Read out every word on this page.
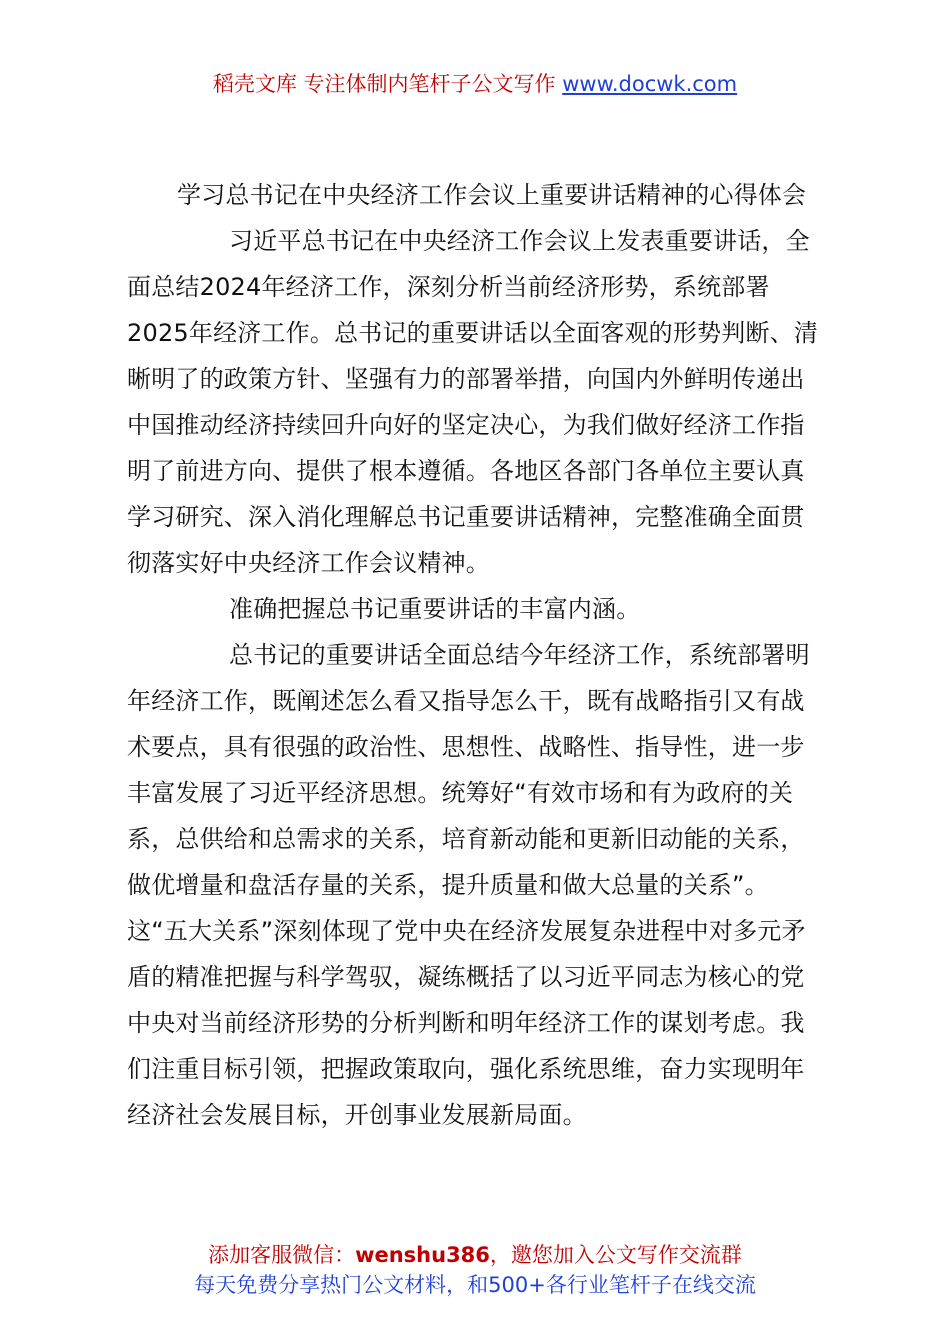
稻壳文库 专注体制内笔杆子公文写作 www.docwk.com

学习总书记在中央经济工作会议上重要讲话精神的心得体会

习近平总书记在中央经济工作会议上发表重要讲话，全面总结2024年经济工作，深刻分析当前经济形势，系统部署2025年经济工作。总书记的重要讲话以全面客观的形势判断、清晰明了的政策方针、坚强有力的部署举措，向国内外鲜明传递出中国推动经济持续回升向好的坚定决心，为我们做好经济工作指明了前进方向、提供了根本遵循。各地区各部门各单位主要认真学习研究、深入消化理解总书记重要讲话精神，完整准确全面贯彻落实好中央经济工作会议精神。

准确把握总书记重要讲话的丰富内涵。

总书记的重要讲话全面总结今年经济工作，系统部署明年经济工作，既阐述怎么看又指导怎么干，既有战略指引又有战术要点，具有很强的政治性、思想性、战略性、指导性，进一步丰富发展了习近平经济思想。统筹好“有效市场和有为政府的关系，总供给和总需求的关系，培育新动能和更新旧动能的关系，做优增量和盘活存量的关系，提升质量和做大总量的关系”。这“五大关系”深刻体现了党中央在经济发展复杂进程中对多元矛盾的精准把握与科学驾驭，凝练概括了以习近平同志为核心的党中央对当前经济形势的分析判断和明年经济工作的谋划考虑。我们注重目标引领，把握政策取向，强化系统思维，奋力实现明年经济社会发展目标，开创事业发展新局面。

添加客服微信：wenshu386，邀您加入公文写作交流群
每天免费分享热门公文材料，和500+各行业笔杆子在线交流
